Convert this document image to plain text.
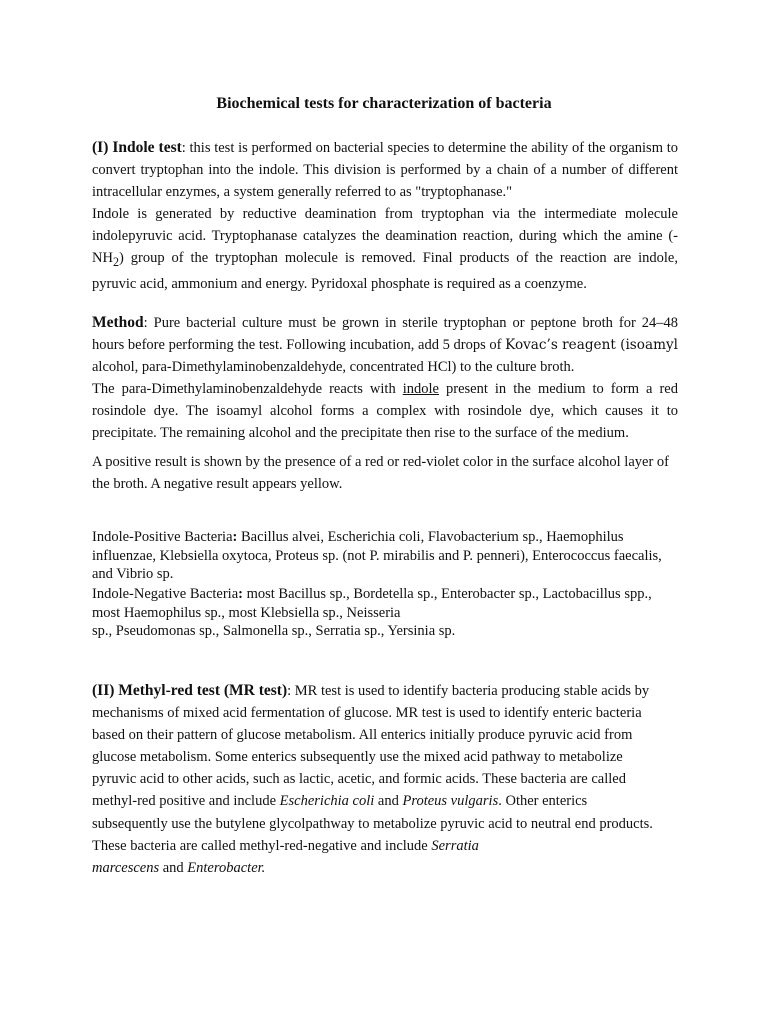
Biochemical tests for characterization of bacteria

(I) Indole test: this test is performed on bacterial species to determine the ability of the organism to convert tryptophan into the indole. This division is performed by a chain of a number of different intracellular enzymes, a system generally referred to as "tryptophanase."

Indole is generated by reductive deamination from tryptophan via the intermediate molecule indolepyruvic acid. Tryptophanase catalyzes the deamination reaction, during which the amine $(-NH_2)$ group of the tryptophan molecule is removed. Final products of the reaction are indole, pyruvic acid, ammonium and energy. Pyridoxal phosphate is required as a coenzyme.

Method: Pure bacterial culture must be grown in sterile tryptophan or peptone broth for 24–48 hours before performing the test. Following incubation, add 5 drops of Kovac’s reagent (isoamyl alcohol, para-Dimethylaminobenzaldehyde, concentrated HCl) to the culture broth.

The para-Dimethylaminobenzaldehyde reacts with indole present in the medium to form a red rosindole dye. The isoamyl alcohol forms a complex with rosindole dye, which causes it to precipitate. The remaining alcohol and the precipitate then rise to the surface of the medium.

A positive result is shown by the presence of a red or red-violet color in the surface alcohol layer of the broth. A negative result appears yellow.
Indole-Positive Bacteria: Bacillus alvei, Escherichia coli, Flavobacterium sp., Haemophilus influenzae, Klebsiella oxytoca, Proteus sp. (not P. mirabilis and P. penneri), Enterococcus faecalis, and Vibrio sp.
Indole-Negative Bacteria: most Bacillus sp., Bordetella sp., Enterobacter sp., Lactobacillus spp.,
most Haemophilus sp., most Klebsiella sp., Neisseria
sp., Pseudomonas sp., Salmonella sp., Serratia sp., Yersinia sp.
(II) Methyl-red test (MR test): MR test is used to identify bacteria producing stable acids by
mechanisms of mixed acid fermentation of glucose. MR test is used to identify enteric bacteria
based on their pattern of glucose metabolism. All enterics initially produce pyruvic acid from
glucose metabolism. Some enterics subsequently use the mixed acid pathway to metabolize
pyruvic acid to other acids, such as lactic, acetic, and formic acids. These bacteria are called
methyl-red positive and include Escherichia coli and Proteus vulgaris. Other enterics
subsequently use the butylene glycolpathway to metabolize pyruvic acid to neutral end products.
These bacteria are called methyl-red-negative and include Serratia
marcescens and Enterobacter.
